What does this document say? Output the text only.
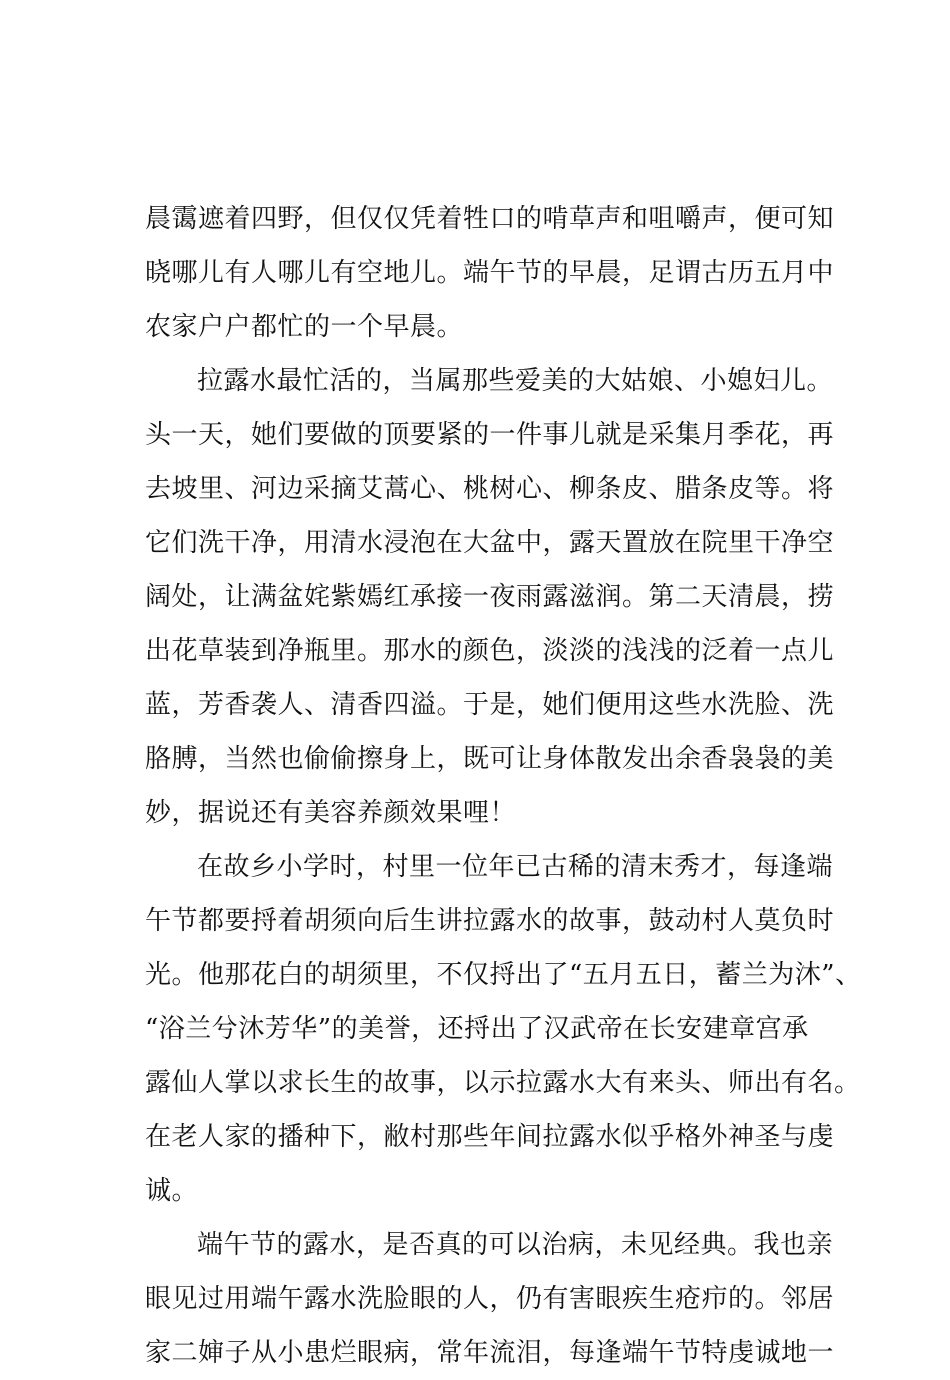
晨霭遮着四野，但仅仅凭着牲口的啃草声和咀嚼声，便可知
晓哪儿有人哪儿有空地儿。端午节的早晨，足谓古历五月中
农家户户都忙的一个早晨。
拉露水最忙活的，当属那些爱美的大姑娘、小媳妇儿。
头一天，她们要做的顶要紧的一件事儿就是采集月季花，再
去坡里、河边采摘艾蒿心、桃树心、柳条皮、腊条皮等。将
它们洗干净，用清水浸泡在大盆中，露天置放在院里干净空
阔处，让满盆姹紫嫣红承接一夜雨露滋润。第二天清晨，捞
出花草装到净瓶里。那水的颜色，淡淡的浅浅的泛着一点儿
蓝，芳香袭人、清香四溢。于是，她们便用这些水洗脸、洗
胳膊，当然也偷偷擦身上，既可让身体散发出余香袅袅的美
妙，据说还有美容养颜效果哩！
在故乡小学时，村里一位年已古稀的清末秀才，每逢端
午节都要捋着胡须向后生讲拉露水的故事，鼓动村人莫负时
光。他那花白的胡须里，不仅捋出了“五月五日，蓄兰为沐”、
“浴兰兮沐芳华”的美誉，还捋出了汉武帝在长安建章宫承
露仙人掌以求长生的故事，以示拉露水大有来头、师出有名。
在老人家的播种下，敝村那些年间拉露水似乎格外神圣与虔
诚。
端午节的露水，是否真的可以治病，未见经典。我也亲
眼见过用端午露水洗脸眼的人，仍有害眼疾生疮疖的。邻居
家二婶子从小患烂眼病，常年流泪，每逢端午节特虔诚地一
